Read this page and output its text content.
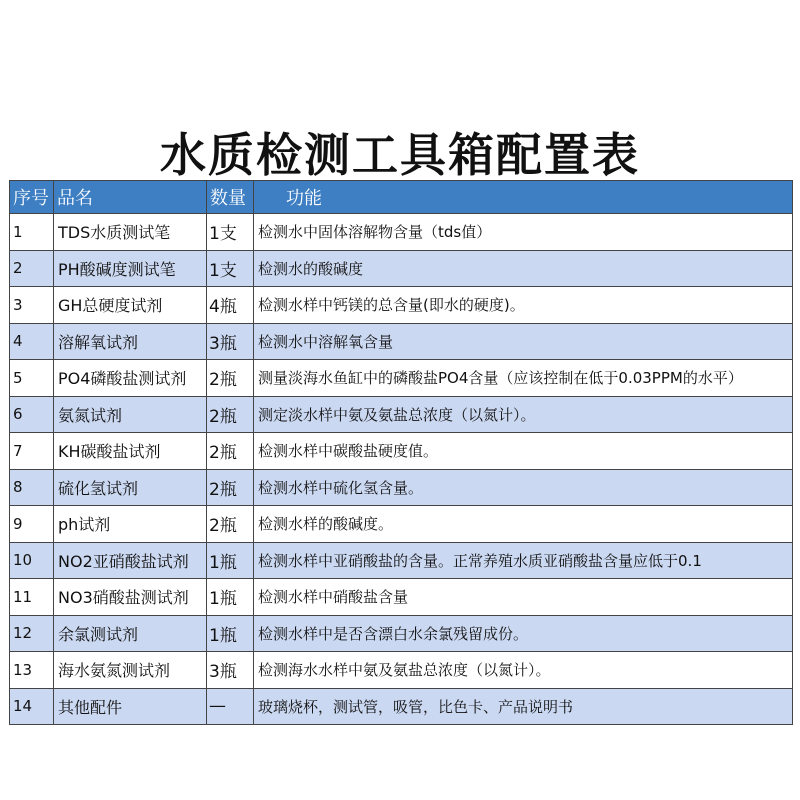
水质检测工具箱配置表
序号	品名	数量	功能
1	TDS水质测试笔	1支	检测水中固体溶解物含量（tds值）
2	PH酸碱度测试笔	1支	检测水的酸碱度
3	GH总硬度试剂	4瓶	检测水样中钙镁的总含量(即水的硬度)。
4	溶解氧试剂	3瓶	检测水中溶解氧含量
5	PO4磷酸盐测试剂	2瓶	测量淡海水鱼缸中的磷酸盐PO4含量（应该控制在低于0.03PPM的水平）
6	氨氮试剂	2瓶	测定淡水样中氨及氨盐总浓度（以氮计）。
7	KH碳酸盐试剂	2瓶	检测水样中碳酸盐硬度值。
8	硫化氢试剂	2瓶	检测水样中硫化氢含量。
9	ph试剂	2瓶	检测水样的酸碱度。
10	NO2亚硝酸盐试剂	1瓶	检测水样中亚硝酸盐的含量。正常养殖水质亚硝酸盐含量应低于0.1
11	NO3硝酸盐测试剂	1瓶	检测水样中硝酸盐含量
12	余氯测试剂	1瓶	检测水样中是否含漂白水余氯残留成份。
13	海水氨氮测试剂	3瓶	检测海水水样中氨及氨盐总浓度（以氮计）。
14	其他配件	—	玻璃烧杯，测试管，吸管，比色卡、产品说明书
